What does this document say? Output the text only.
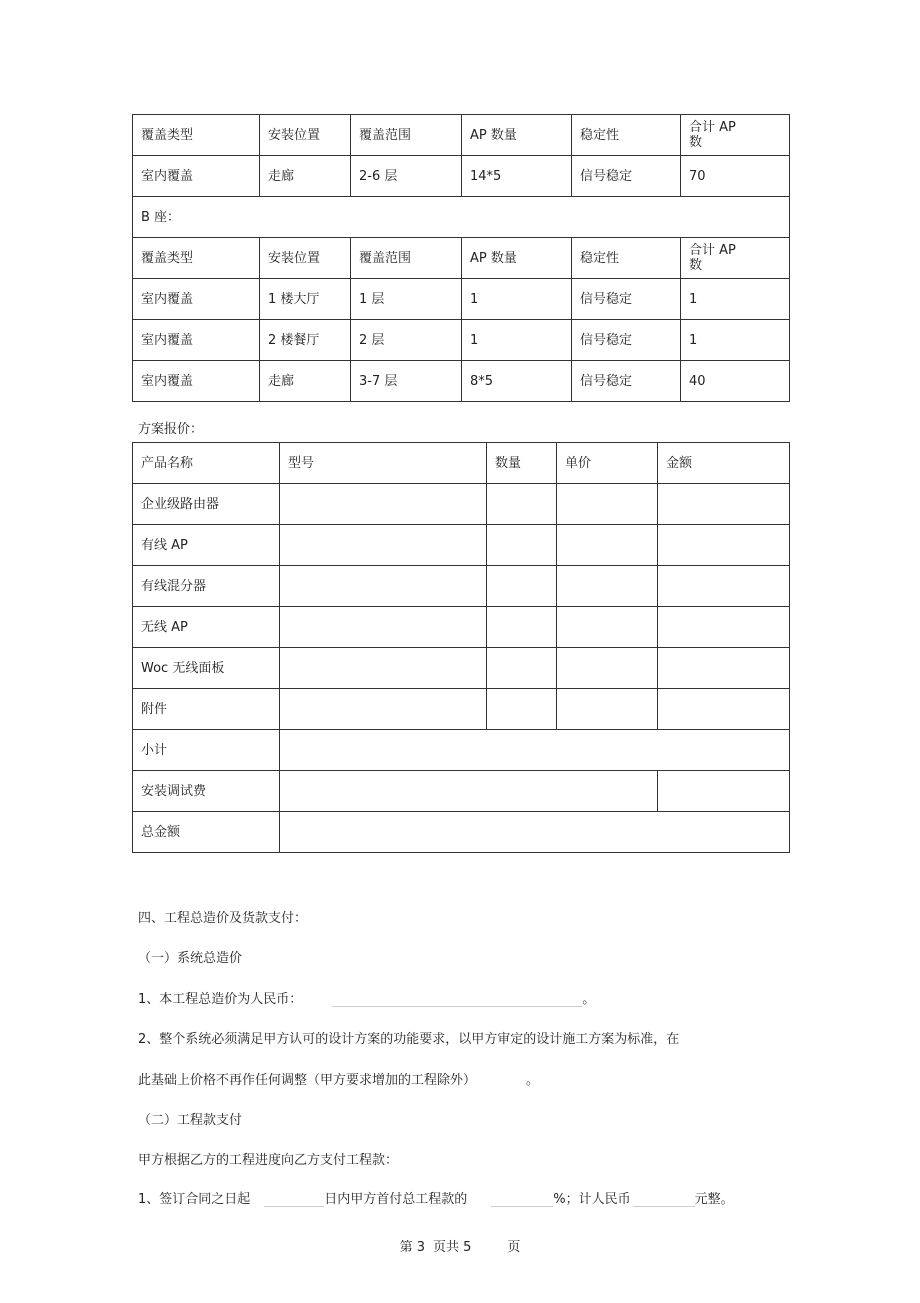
覆盖类型	安装位置	覆盖范围	AP 数量	稳定性	合计 AP
数
室内覆盖	走廊	2-6 层	14*5	信号稳定	70
B 座：					
覆盖类型	安装位置	覆盖范围	AP 数量	稳定性	合计 AP
数
室内覆盖	1 楼大厅	1 层	1	信号稳定	1
室内覆盖	2 楼餐厅	2 层	1	信号稳定	1
室内覆盖	走廊	3-7 层	8*5	信号稳定	40
方案报价：
产品名称	型号	数量	单价	金额
企业级路由器				
有线 AP				
有线混分器				
无线 AP				
Woc 无线面板				
附件				
小计				
安装调试费				
总金额				
四、工程总造价及货款支付：
（一）系统总造价
1、本工程总造价为人民币：	。
2、整个系统必须满足甲方认可的设计方案的功能要求，以甲方审定的设计施工方案为标准，在
此基础上价格不再作任何调整（甲方要求增加的工程除外）	。
（二）工程款支付
甲方根据乙方的工程进度向乙方支付工程款：
1、签订合同之日起	日内甲方首付总工程款的	%；计人民币	元整。
第 3 页共 5	页
